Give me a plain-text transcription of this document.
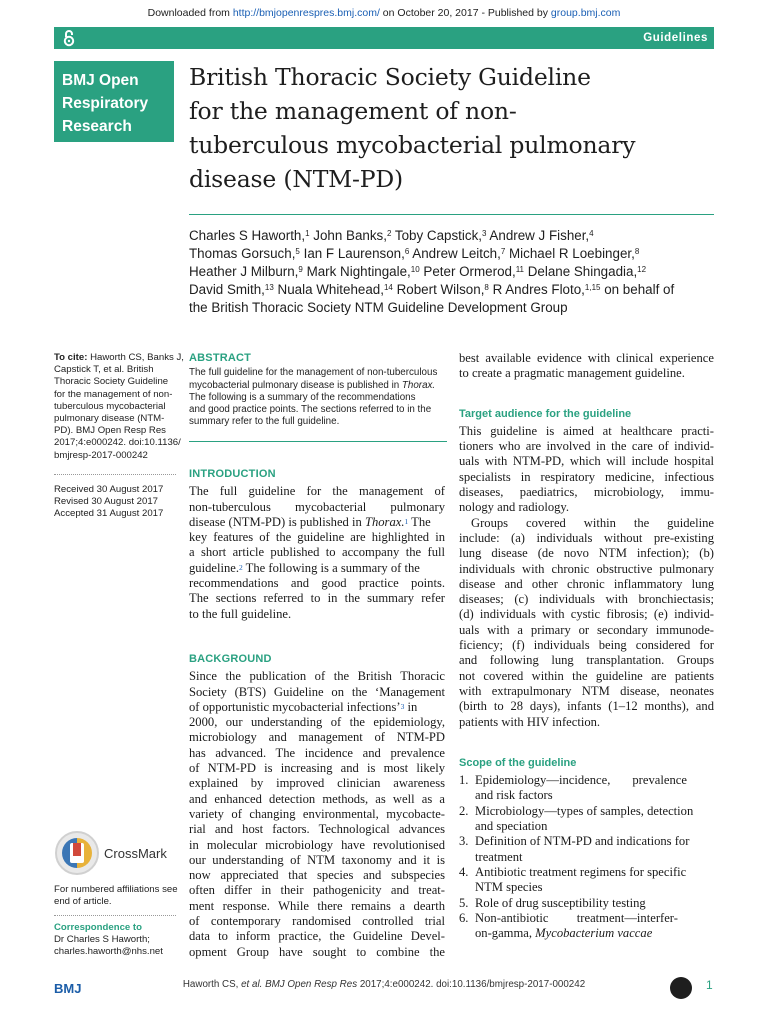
Downloaded from http://bmjopenrespres.bmj.com/ on October 20, 2017 - Published by group.bmj.com
Guidelines
BMJ Open
Respiratory
Research
British Thoracic Society Guideline
for the management of non-
tuberculous mycobacterial pulmonary
disease (NTM-PD)
Charles S Haworth,$^1$ John Banks,$^2$ Toby Capstick,$^3$ Andrew J Fisher,$^4$
Thomas Gorsuch,$^5$ Ian F Laurenson,$^6$ Andrew Leitch,$^7$ Michael R Loebinger,$^8$
Heather J Milburn,$^9$ Mark Nightingale,$^{10}$ Peter Ormerod,$^{11}$ Delane Shingadia,$^{12}$
David Smith,$^{13}$ Nuala Whitehead,$^{14}$ Robert Wilson,$^8$ R Andres Floto,$^{1,15}$ on behalf of
the British Thoracic Society NTM Guideline Development Group
To cite: Haworth CS, Banks J,
Capstick T, et al. British
Thoracic Society Guideline
for the management of non-
tuberculous mycobacterial
pulmonary disease (NTM-
PD). BMJ Open Resp Res
2017;4:e000242. doi:10.1136/
bmjresp-2017-000242
Received 30 August 2017
Revised 30 August 2017
Accepted 31 August 2017
CrossMark
For numbered affiliations see
end of article.
Correspondence to
Dr Charles S Haworth;
charles.haworth@nhs.net
ABSTRACT
The full guideline for the management of non-tuberculous
mycobacterial pulmonary disease is published in Thorax.
The following is a summary of the recommendations
and good practice points. The sections referred to in the
summary refer to the full guideline.
INTRODUCTION
The full guideline for the management of
non-tuberculous mycobacterial pulmonary
disease (NTM-PD) is published in Thorax.$^1$ The
key features of the guideline are highlighted in
a short article published to accompany the full
guideline.$^2$ The following is a summary of the
recommendations and good practice points.
The sections referred to in the summary refer
to the full guideline.
BACKGROUND
Since the publication of the British Thoracic
Society (BTS) Guideline on the ‘Management
of opportunistic mycobacterial infections’$^3$ in
2000, our understanding of the epidemiology,
microbiology and management of NTM-PD
has advanced. The incidence and prevalence
of NTM-PD is increasing and is most likely
explained by improved clinician awareness
and enhanced detection methods, as well as a
variety of changing environmental, mycobacte-
rial and host factors. Technological advances
in molecular microbiology have revolutionised
our understanding of NTM taxonomy and it is
now appreciated that species and subspecies
often differ in their pathogenicity and treat-
ment response. While there remains a dearth
of contemporary randomised controlled trial
data to inform practice, the Guideline Devel-
opment Group have sought to combine the
best available evidence with clinical experience
to create a pragmatic management guideline.
Target audience for the guideline
This guideline is aimed at healthcare practi-
tioners who are involved in the care of individ-
uals with NTM-PD, which will include hospital
specialists in respiratory medicine, infectious
diseases, paediatrics, microbiology, immu-
nology and radiology.
Groups covered within the guideline
include: (a) individuals without pre-existing
lung disease (de novo NTM infection); (b)
individuals with chronic obstructive pulmonary
disease and other chronic inflammatory lung
diseases; (c) individuals with bronchiectasis;
(d) individuals with cystic fibrosis; (e) individ-
uals with a primary or secondary immunode-
ficiency; (f) individuals being considered for
and following lung transplantation. Groups
not covered within the guideline are patients
with extrapulmonary NTM disease, neonates
(birth to 28 days), infants (1–12 months), and
patients with HIV infection.
Scope of the guideline
1. Epidemiology—incidence,       prevalence
and risk factors
2. Microbiology—types of samples, detection
and speciation
3. Definition of NTM-PD and indications for
treatment
4. Antibiotic treatment regimens for specific
NTM species
5. Role of drug susceptibility testing
6. Non-antibiotic         treatment—interfer-
on-gamma, Mycobacterium vaccae
BMJ	Haworth CS, et al. BMJ Open Resp Res 2017;4:e000242. doi:10.1136/bmjresp-2017-000242	1
